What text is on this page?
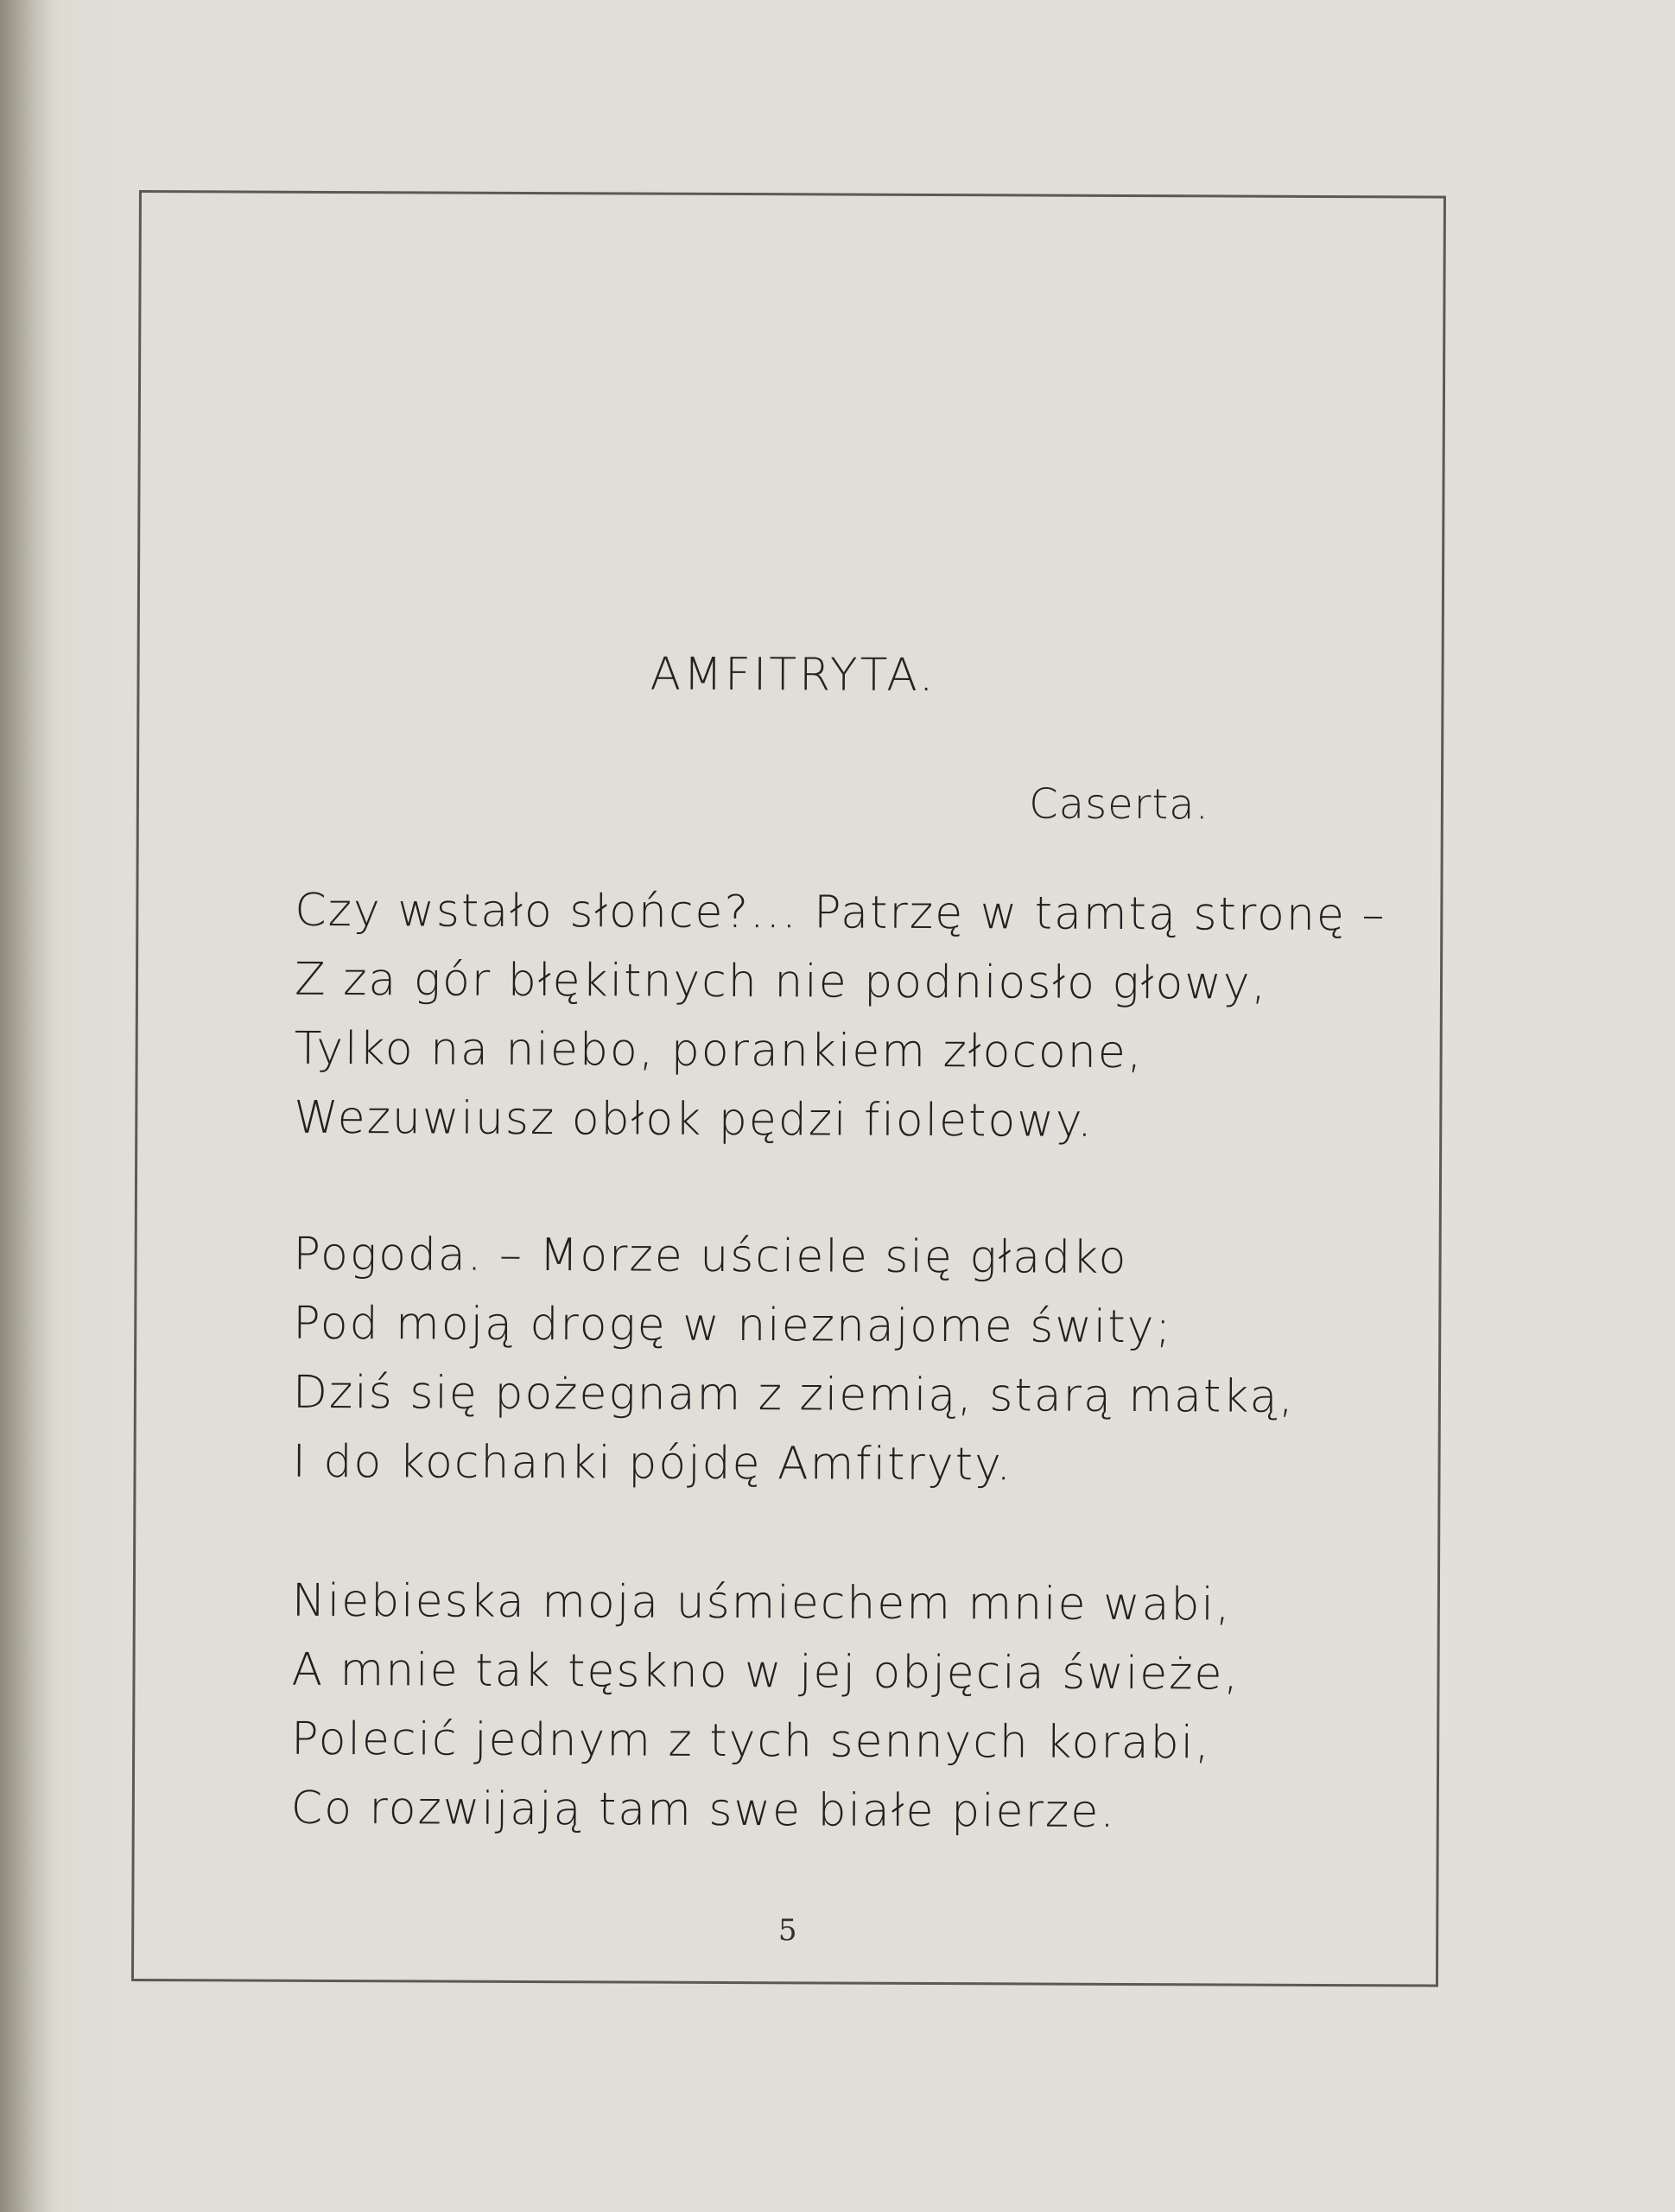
AMFITRYTA.
Caserta.
Czy wstało słońce?... Patrzę w tamtą stronę –
Z za gór błękitnych nie podniosło głowy,
Tylko na niebo, porankiem złocone,
Wezuwiusz obłok pędzi fioletowy.
Pogoda. – Morze uściele się gładko
Pod moją drogę w nieznajome świty;
Dziś się pożegnam z ziemią, starą matką,
I do kochanki pójdę Amfitryty.
Niebieska moja uśmiechem mnie wabi,
A mnie tak tęskno w jej objęcia świeże,
Polecić jednym z tych sennych korabi,
Co rozwijają tam swe białe pierze.
5
